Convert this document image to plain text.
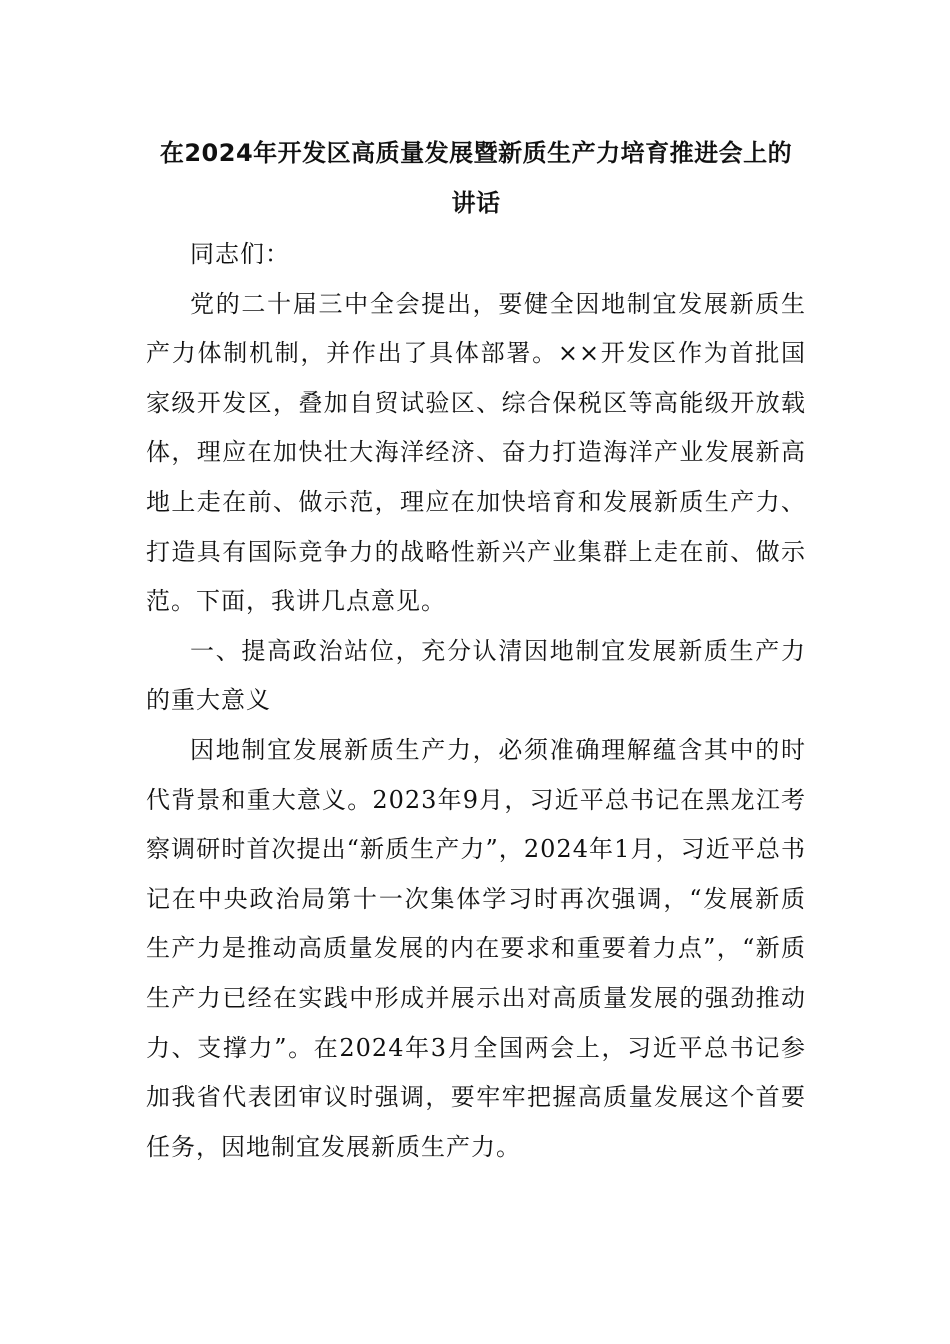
在2024年开发区高质量发展暨新质生产力培育推进会上的
讲话

同志们：

党的二十届三中全会提出，要健全因地制宜发展新质生产力体制机制，并作出了具体部署。××开发区作为首批国家级开发区，叠加自贸试验区、综合保税区等高能级开放载体，理应在加快壮大海洋经济、奋力打造海洋产业发展新高地上走在前、做示范，理应在加快培育和发展新质生产力、打造具有国际竞争力的战略性新兴产业集群上走在前、做示范。下面，我讲几点意见。

一、提高政治站位，充分认清因地制宜发展新质生产力的重大意义

因地制宜发展新质生产力，必须准确理解蕴含其中的时代背景和重大意义。2023年9月，习近平总书记在黑龙江考察调研时首次提出“新质生产力”，2024年1月，习近平总书记在中央政治局第十一次集体学习时再次强调，“发展新质生产力是推动高质量发展的内在要求和重要着力点”，“新质生产力已经在实践中形成并展示出对高质量发展的强劲推动力、支撑力”。在2024年3月全国两会上，习近平总书记参加我省代表团审议时强调，要牢牢把握高质量发展这个首要任务，因地制宜发展新质生产力。
